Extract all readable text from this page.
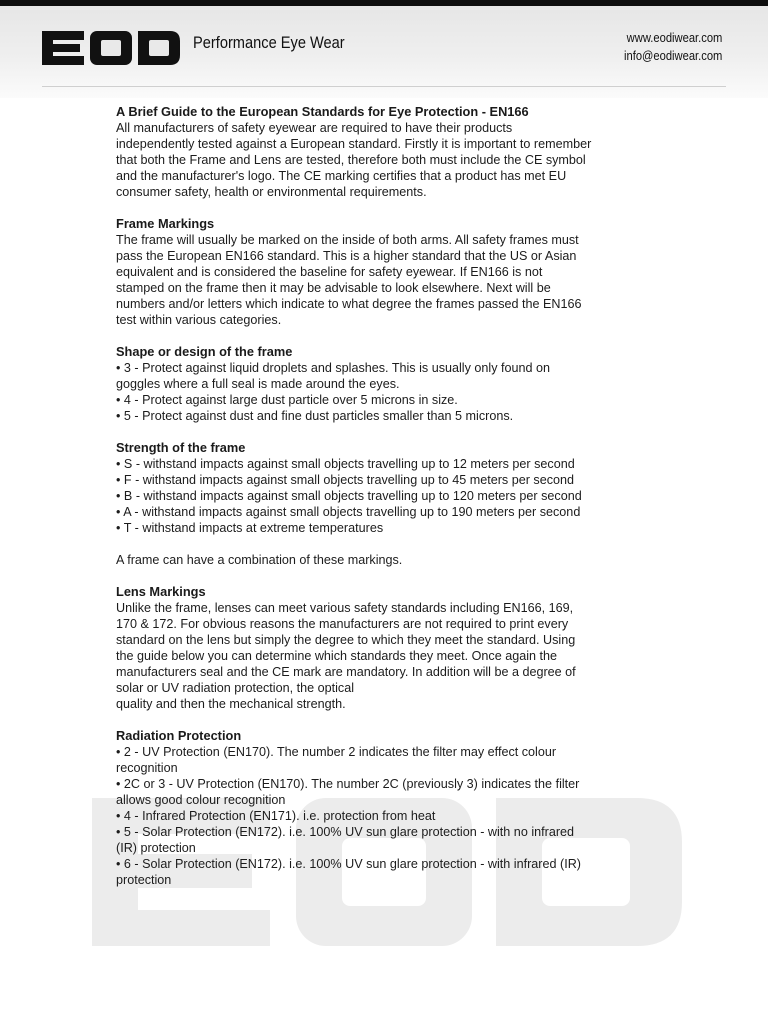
Performance Eye Wear	www.eodiwear.com
info@eodiwear.com
A Brief Guide to the European Standards for Eye Protection - EN166

All manufacturers of safety eyewear are required to have their products
independently tested against a European standard. Firstly it is important to remember
that both the Frame and Lens are tested, therefore both must include the CE symbol
and the manufacturer's logo. The CE marking certifies that a product has met EU
consumer safety, health or environmental requirements.

Frame Markings

The frame will usually be marked on the inside of both arms. All safety frames must
pass the European EN166 standard. This is a higher standard that the US or Asian
equivalent and is considered the baseline for safety eyewear. If EN166 is not
stamped on the frame then it may be advisable to look elsewhere. Next will be
numbers and/or letters which indicate to what degree the frames passed the EN166
test within various categories.

Shape or design of the frame
• 3 - Protect against liquid droplets and splashes. This is usually only found on
goggles where a full seal is made around the eyes.
• 4 - Protect against large dust particle over 5 microns in size.
• 5 - Protect against dust and fine dust particles smaller than 5 microns.
Strength of the frame
• S - withstand impacts against small objects travelling up to 12 meters per second
• F - withstand impacts against small objects travelling up to 45 meters per second
• B - withstand impacts against small objects travelling up to 120 meters per second
• A - withstand impacts against small objects travelling up to 190 meters per second
• T - withstand impacts at extreme temperatures

A frame can have a combination of these markings.

Lens Markings

Unlike the frame, lenses can meet various safety standards including EN166, 169,
170 & 172. For obvious reasons the manufacturers are not required to print every
standard on the lens but simply the degree to which they meet the standard. Using
the guide below you can determine which standards they meet. Once again the
manufacturers seal and the CE mark are mandatory. In addition will be a degree of
solar or UV radiation protection, the optical
quality and then the mechanical strength.

Radiation Protection
• 2 - UV Protection (EN170). The number 2 indicates the filter may effect colour
recognition
• 2C or 3 - UV Protection (EN170). The number 2C (previously 3) indicates the filter
allows good colour recognition
• 4 - Infrared Protection (EN171). i.e. protection from heat
• 5 - Solar Protection (EN172). i.e. 100% UV sun glare protection - with no infrared
(IR) protection
• 6 - Solar Protection (EN172). i.e. 100% UV sun glare protection - with infrared (IR)
protection
